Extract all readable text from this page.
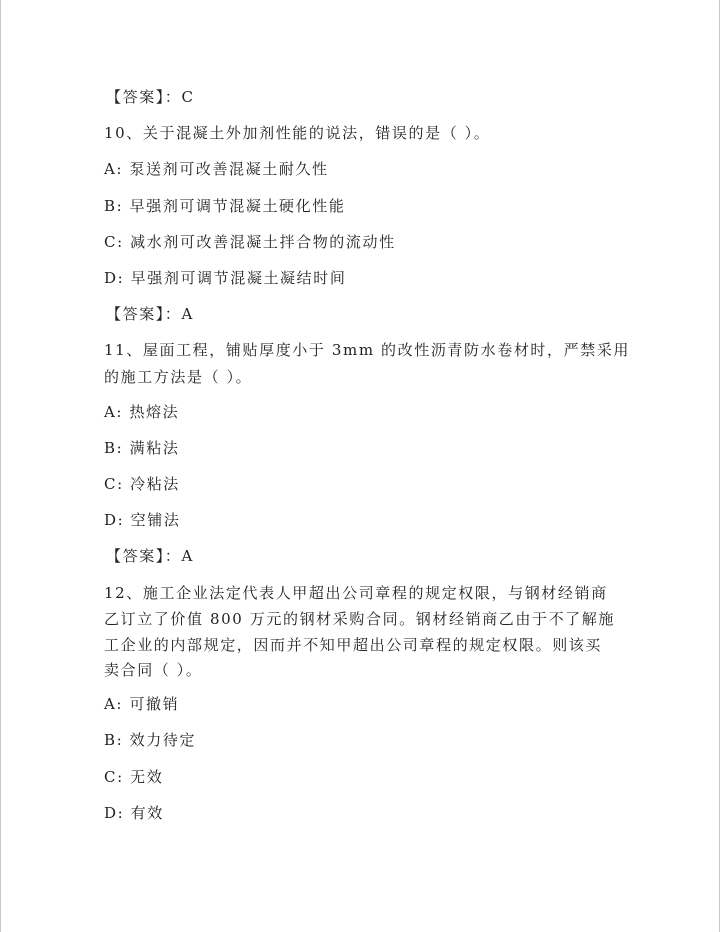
【答案】：C
10、关于混凝土外加剂性能的说法，错误的是（ ）。
A: 泵送剂可改善混凝土耐久性
B: 早强剂可调节混凝土硬化性能
C: 减水剂可改善混凝土拌合物的流动性
D: 早强剂可调节混凝土凝结时间
【答案】：A
11、屋面工程，铺贴厚度小于 3mm 的改性沥青防水卷材时，严禁采用
的施工方法是（ ）。
A: 热熔法
B: 满粘法
C: 冷粘法
D: 空铺法
【答案】：A
12、施工企业法定代表人甲超出公司章程的规定权限，与钢材经销商
乙订立了价值 800 万元的钢材采购合同。钢材经销商乙由于不了解施
工企业的内部规定，因而并不知甲超出公司章程的规定权限。则该买
卖合同（ ）。
A: 可撤销
B: 效力待定
C: 无效
D: 有效
